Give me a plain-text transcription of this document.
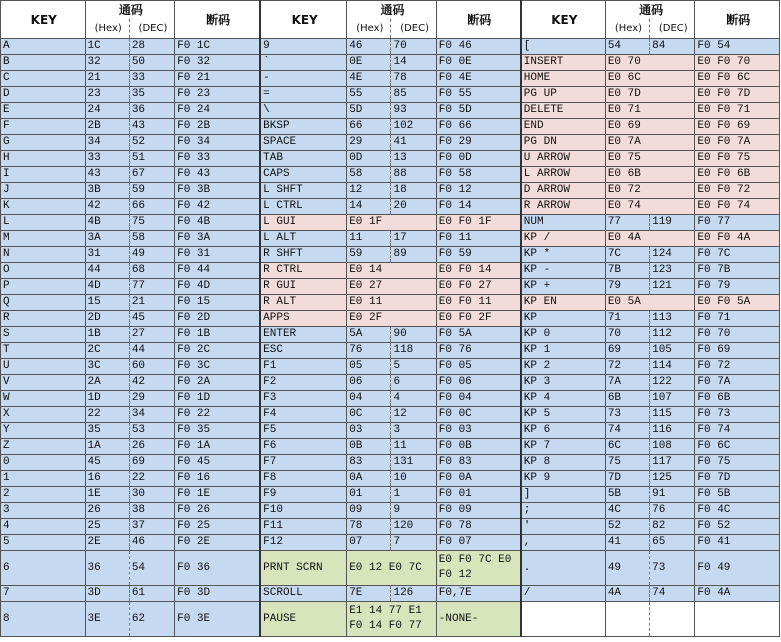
KEY	通码		断码	KEY	通码		断码	KEY	通码		断码
	(Hex)	(DEC)			(Hex)	(DEC)			(Hex)	(DEC)	
A	1C	28	F0 1C	9	46	70	F0 46	[	54	84	F0 54
B	32	50	F0 32	`	0E	14	F0 0E	INSERT	E0 70		E0 F0 70
C	21	33	F0 21	-	4E	78	F0 4E	HOME	E0 6C		E0 F0 6C
D	23	35	F0 23	=	55	85	F0 55	PG UP	E0 7D		E0 F0 7D
E	24	36	F0 24	\	5D	93	F0 5D	DELETE	E0 71		E0 F0 71
F	2B	43	F0 2B	BKSP	66	102	F0 66	END	E0 69		E0 F0 69
G	34	52	F0 34	SPACE	29	41	F0 29	PG DN	E0 7A		E0 F0 7A
H	33	51	F0 33	TAB	0D	13	F0 0D	U ARROW	E0 75		E0 F0 75
I	43	67	F0 43	CAPS	58	88	F0 58	L ARROW	E0 6B		E0 F0 6B
J	3B	59	F0 3B	L SHFT	12	18	F0 12	D ARROW	E0 72		E0 F0 72
K	42	66	F0 42	L CTRL	14	20	F0 14	R ARROW	E0 74		E0 F0 74
L	4B	75	F0 4B	L GUI	E0 1F		E0 F0 1F	NUM	77	119	F0 77
M	3A	58	F0 3A	L ALT	11	17	F0 11	KP /	E0 4A		E0 F0 4A
N	31	49	F0 31	R SHFT	59	89	F0 59	KP *	7C	124	F0 7C
O	44	68	F0 44	R CTRL	E0 14		E0 F0 14	KP -	7B	123	F0 7B
P	4D	77	F0 4D	R GUI	E0 27		E0 F0 27	KP +	79	121	F0 79
Q	15	21	F0 15	R ALT	E0 11		E0 F0 11	KP EN	E0 5A		E0 F0 5A
R	2D	45	F0 2D	APPS	E0 2F		E0 F0 2F	KP	71	113	F0 71
S	1B	27	F0 1B	ENTER	5A	90	F0 5A	KP 0	70	112	F0 70
T	2C	44	F0 2C	ESC	76	118	F0 76	KP 1	69	105	F0 69
U	3C	60	F0 3C	F1	05	5	F0 05	KP 2	72	114	F0 72
V	2A	42	F0 2A	F2	06	6	F0 06	KP 3	7A	122	F0 7A
W	1D	29	F0 1D	F3	04	4	F0 04	KP 4	6B	107	F0 6B
X	22	34	F0 22	F4	0C	12	F0 0C	KP 5	73	115	F0 73
Y	35	53	F0 35	F5	03	3	F0 03	KP 6	74	116	F0 74
Z	1A	26	F0 1A	F6	0B	11	F0 0B	KP 7	6C	108	F0 6C
0	45	69	F0 45	F7	83	131	F0 83	KP 8	75	117	F0 75
1	16	22	F0 16	F8	0A	10	F0 0A	KP 9	7D	125	F0 7D
2	1E	30	F0 1E	F9	01	1	F0 01	]	5B	91	F0 5B
3	26	38	F0 26	F10	09	9	F0 09	;	4C	76	F0 4C
4	25	37	F0 25	F11	78	120	F0 78	'	52	82	F0 52
5	2E	46	F0 2E	F12	07	7	F0 07	,	41	65	F0 41
6	36	54	F0 36	PRNT SCRN	E0 12 E0 7C		E0 F0 7C E0 F0 12	.	49	73	F0 49
7	3D	61	F0 3D	SCROLL	7E	126	F0,7E	/	4A	74	F0 4A
8	3E	62	F0 3E	PAUSE	E1 14 77 E1 F0 14 F0 77		-NONE-				
